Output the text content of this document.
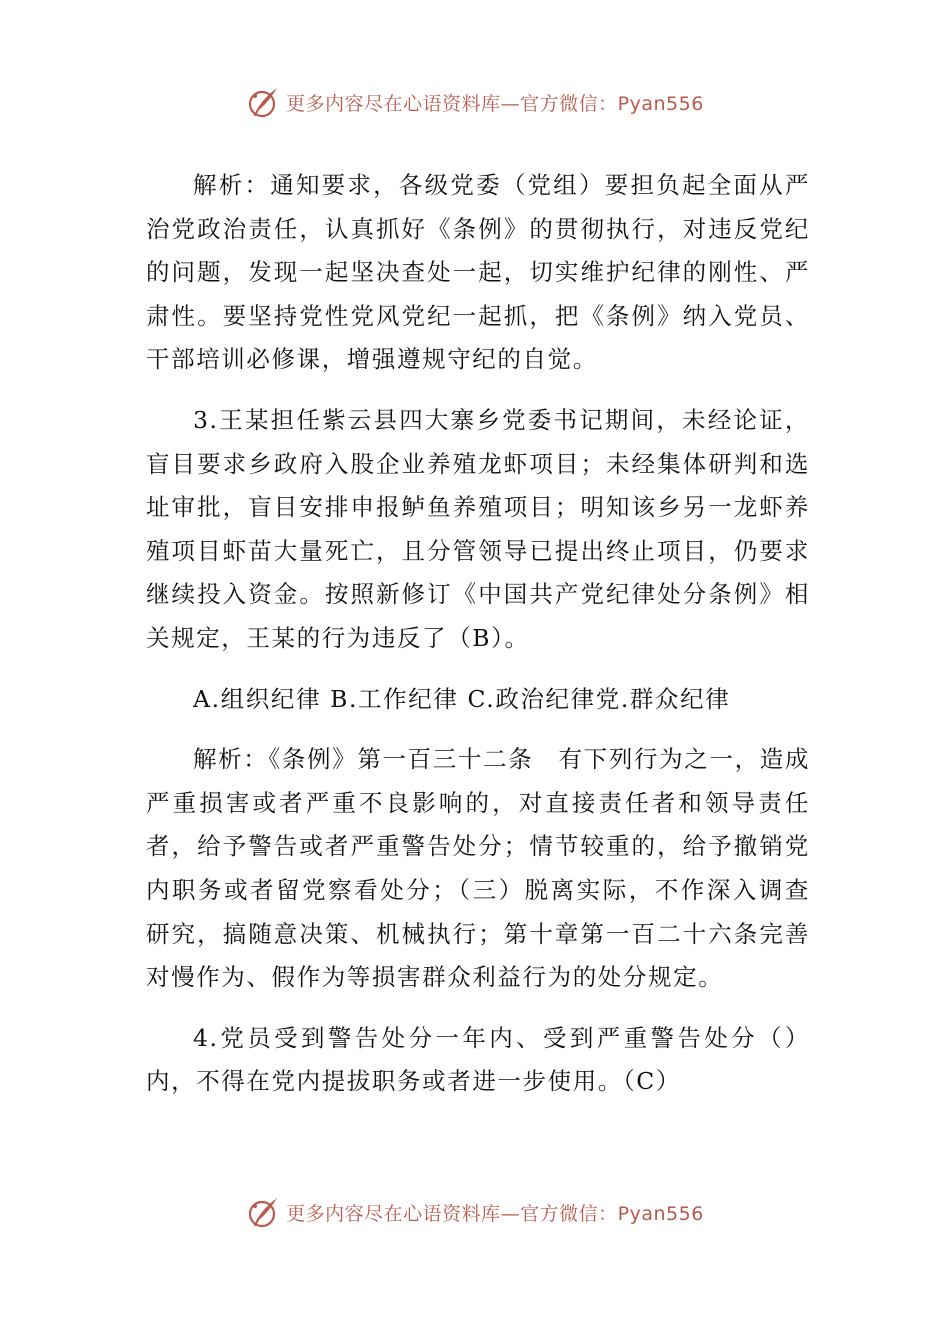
更多内容尽在心语资料库—官方微信：Pyan556

解析：通知要求，各级党委（党组）要担负起全面从严治党政治责任，认真抓好《条例》的贯彻执行，对违反党纪的问题，发现一起坚决查处一起，切实维护纪律的刚性、严肃性。要坚持党性党风党纪一起抓，把《条例》纳入党员、干部培训必修课，增强遵规守纪的自觉。

3.王某担任紫云县四大寨乡党委书记期间，未经论证，盲目要求乡政府入股企业养殖龙虾项目；未经集体研判和选址审批，盲目安排申报鲈鱼养殖项目；明知该乡另一龙虾养殖项目虾苗大量死亡，且分管领导已提出终止项目，仍要求继续投入资金。按照新修订《中国共产党纪律处分条例》相关规定，王某的行为违反了（B）。

A.组织纪律 B.工作纪律 C.政治纪律党.群众纪律

解析：《条例》第一百三十二条　有下列行为之一，造成严重损害或者严重不良影响的，对直接责任者和领导责任者，给予警告或者严重警告处分；情节较重的，给予撤销党内职务或者留党察看处分；（三）脱离实际，不作深入调查研究，搞随意决策、机械执行；第十章第一百二十六条完善对慢作为、假作为等损害群众利益行为的处分规定。

4.党员受到警告处分一年内、受到严重警告处分（）内，不得在党内提拔职务或者进一步使用。（C）

更多内容尽在心语资料库—官方微信：Pyan556
